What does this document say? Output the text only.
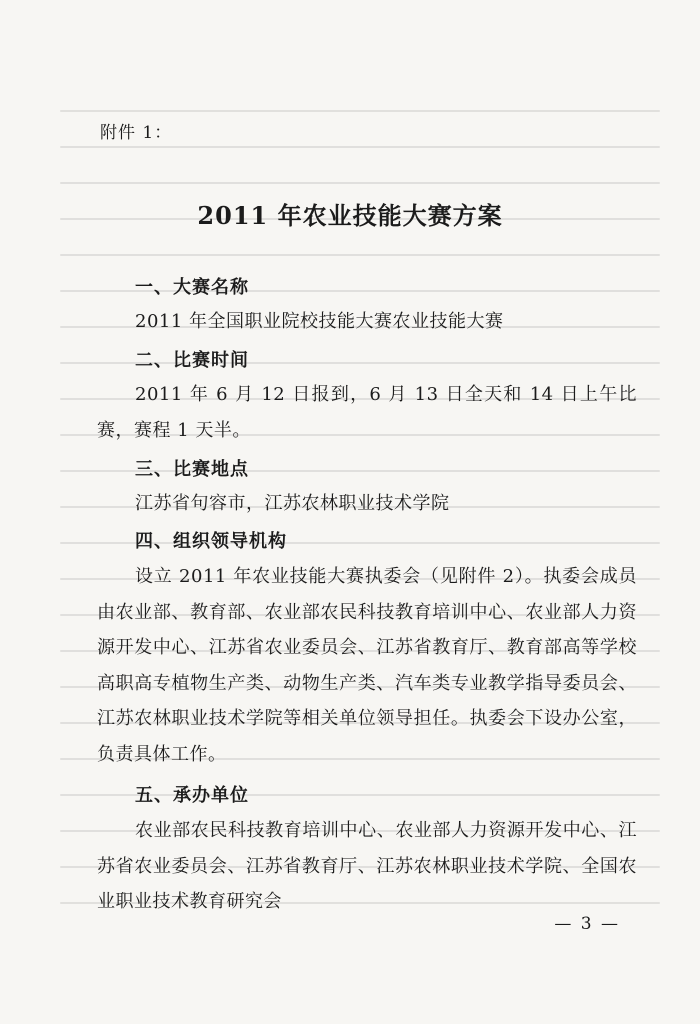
附件 1：
2011 年农业技能大赛方案
一、大赛名称
2011 年全国职业院校技能大赛农业技能大赛
二、比赛时间
2011 年 6 月 12 日报到，6 月 13 日全天和 14 日上午比赛，赛程 1 天半。
三、比赛地点
江苏省句容市，江苏农林职业技术学院
四、组织领导机构
设立 2011 年农业技能大赛执委会（见附件 2）。执委会成员由农业部、教育部、农业部农民科技教育培训中心、农业部人力资源开发中心、江苏省农业委员会、江苏省教育厅、教育部高等学校高职高专植物生产类、动物生产类、汽车类专业教学指导委员会、江苏农林职业技术学院等相关单位领导担任。执委会下设办公室，负责具体工作。
五、承办单位
农业部农民科技教育培训中心、农业部人力资源开发中心、江苏省农业委员会、江苏省教育厅、江苏农林职业技术学院、全国农业职业技术教育研究会
— 3 —
